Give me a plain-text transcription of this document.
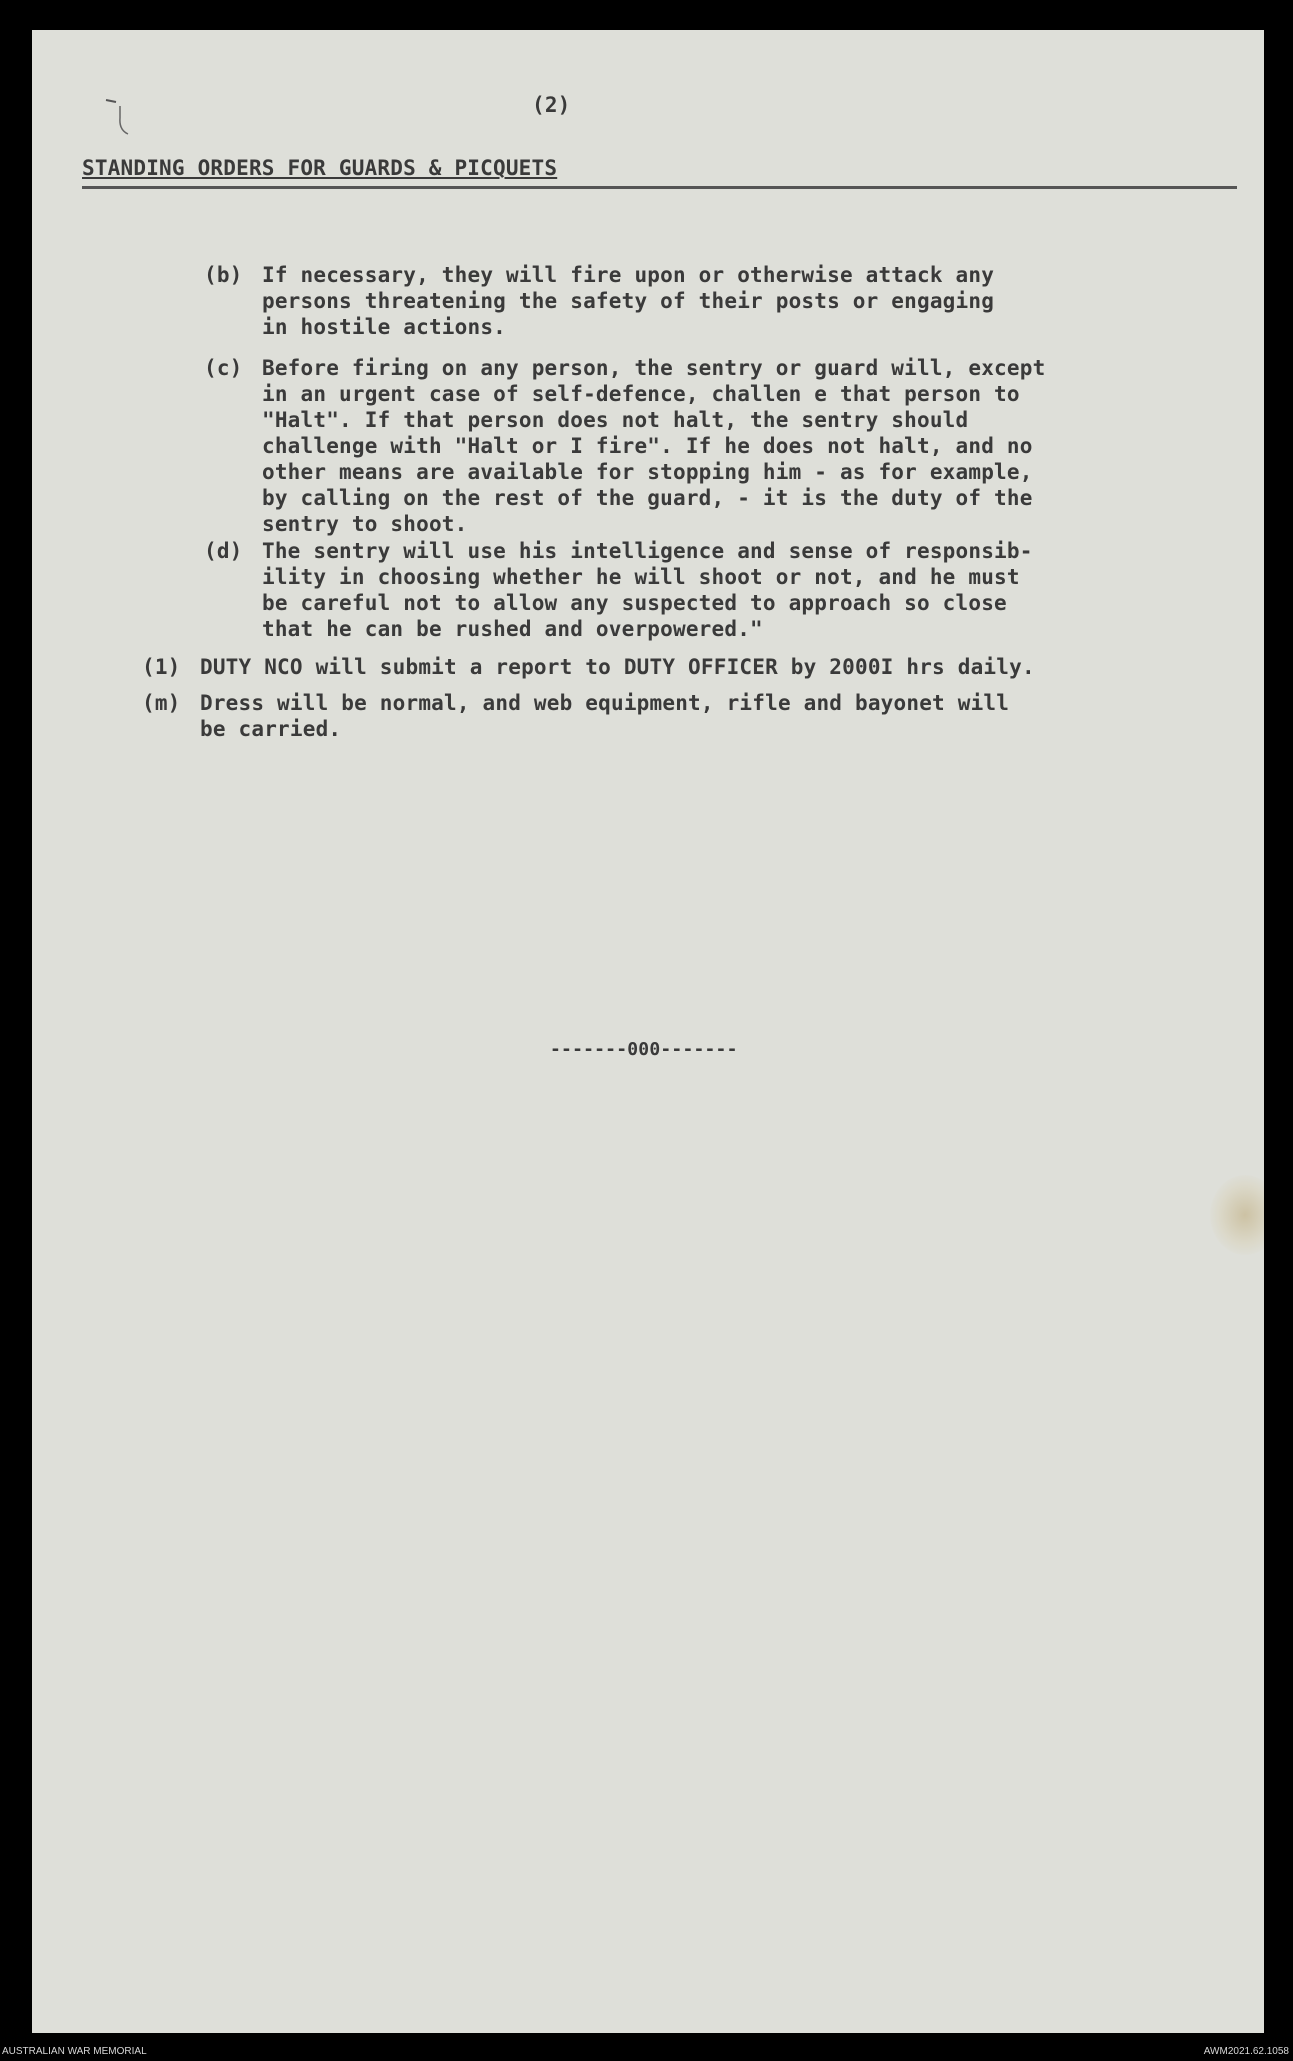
(2)
STANDING ORDERS FOR GUARDS & PICQUETS
(b) If necessary, they will fire upon or otherwise attack any
persons threatening the safety of their posts or engaging
in hostile actions.
(c) Before firing on any person, the sentry or guard will, except
in an urgent case of self-defence, challen e that person to
"Halt". If that person does not halt, the sentry should
challenge with "Halt or I fire". If he does not halt, and no
other means are available for stopping him - as for example,
by calling on the rest of the guard, - it is the duty of the
sentry to shoot.
(d) The sentry will use his intelligence and sense of responsib-
ility in choosing whether he will shoot or not, and he must
be careful not to allow any suspected to approach so close
that he can be rushed and overpowered."
(1) DUTY NCO will submit a report to DUTY OFFICER by 2000I hrs daily.
(m) Dress will be normal, and web equipment, rifle and bayonet will
be carried.
-------000-------
AUSTRALIAN WAR MEMORIAL	AWM2021.62.1058
